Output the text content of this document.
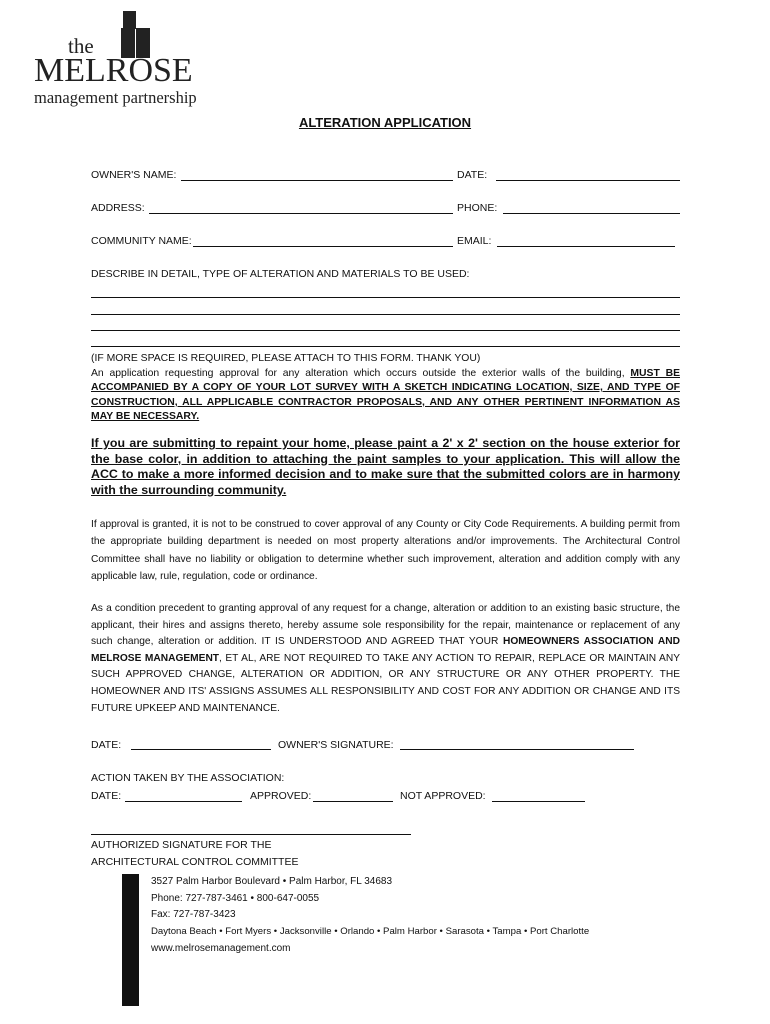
the
MELROSE
management partnership
ALTERATION APPLICATION
OWNER'S NAME:	DATE:
ADDRESS:	PHONE:
COMMUNITY NAME:	EMAIL:
DESCRIBE IN DETAIL, TYPE OF ALTERATION AND MATERIALS TO BE USED:
(IF MORE SPACE IS REQUIRED, PLEASE ATTACH TO THIS FORM. THANK YOU)
An application requesting approval for any alteration which occurs outside the exterior walls of the building, MUST BE ACCOMPANIED BY A COPY OF YOUR LOT SURVEY WITH A SKETCH INDICATING LOCATION, SIZE, AND TYPE OF CONSTRUCTION, ALL APPLICABLE CONTRACTOR PROPOSALS, AND ANY OTHER PERTINENT INFORMATION AS MAY BE NECESSARY.
If you are submitting to repaint your home, please paint a 2' x 2' section on the house exterior for the base color, in addition to attaching the paint samples to your application. This will allow the ACC to make a more informed decision and to make sure that the submitted colors are in harmony with the surrounding community.
If approval is granted, it is not to be construed to cover approval of any County or City Code Requirements. A building permit from the appropriate building department is needed on most property alterations and/or improvements. The Architectural Control Committee shall have no liability or obligation to determine whether such improvement, alteration and addition comply with any applicable law, rule, regulation, code or ordinance.
As a condition precedent to granting approval of any request for a change, alteration or addition to an existing basic structure, the applicant, their hires and assigns thereto, hereby assume sole responsibility for the repair, maintenance or replacement of any such change, alteration or addition. IT IS UNDERSTOOD AND AGREED THAT YOUR HOMEOWNERS ASSOCIATION AND MELROSE MANAGEMENT, ET AL, ARE NOT REQUIRED TO TAKE ANY ACTION TO REPAIR, REPLACE OR MAINTAIN ANY SUCH APPROVED CHANGE, ALTERATION OR ADDITION, OR ANY STRUCTURE OR ANY OTHER PROPERTY. THE HOMEOWNER AND ITS' ASSIGNS ASSUMES ALL RESPONSIBILITY AND COST FOR ANY ADDITION OR CHANGE AND ITS FUTURE UPKEEP AND MAINTENANCE.
DATE:	OWNER'S SIGNATURE:
ACTION TAKEN BY THE ASSOCIATION:
DATE:	APPROVED:	NOT APPROVED:
AUTHORIZED SIGNATURE FOR THE
ARCHITECTURAL CONTROL COMMITTEE
3527 Palm Harbor Boulevard • Palm Harbor, FL 34683
Phone: 727-787-3461 • 800-647-0055
Fax: 727-787-3423
Daytona Beach • Fort Myers • Jacksonville • Orlando • Palm Harbor • Sarasota • Tampa • Port Charlotte
www.melrosemanagement.com
